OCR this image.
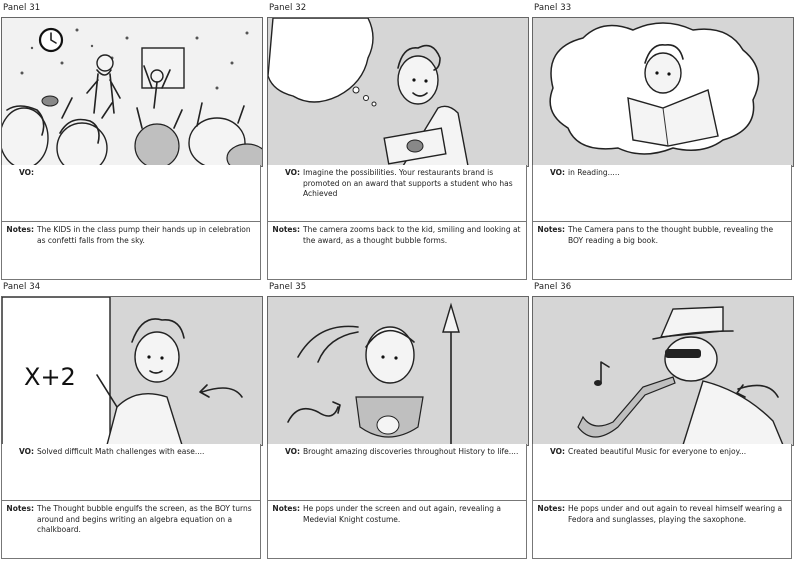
Panel 31
VO:
Notes: The KIDS in the class pump their hands up in celebration as confetti falls from the sky.
Panel 32
VO: Imagine the possibilities. Your restaurants brand is promoted on an award that supports a student who has Achieved
Notes: The camera zooms back to the kid, smiling and looking at the award, as a thought bubble forms.
Panel 33
VO: in Reading.....
Notes: The Camera pans to the thought bubble, revealing the BOY reading a big book.
Panel 34
X+2
VO: Solved difficult Math challenges with ease....
Notes: The Thought bubble engulfs the screen, as the BOY turns around and begins writing an algebra equation on a chalkboard.
Panel 35
VO: Brought amazing discoveries throughout History to life....
Notes: He pops under the screen and out again, revealing a Medevial Knight costume.
Panel 36
VO: Created beautiful Music for everyone to enjoy...
Notes: He pops under and out again to reveal himself wearing a Fedora and sunglasses, playing the saxophone.
